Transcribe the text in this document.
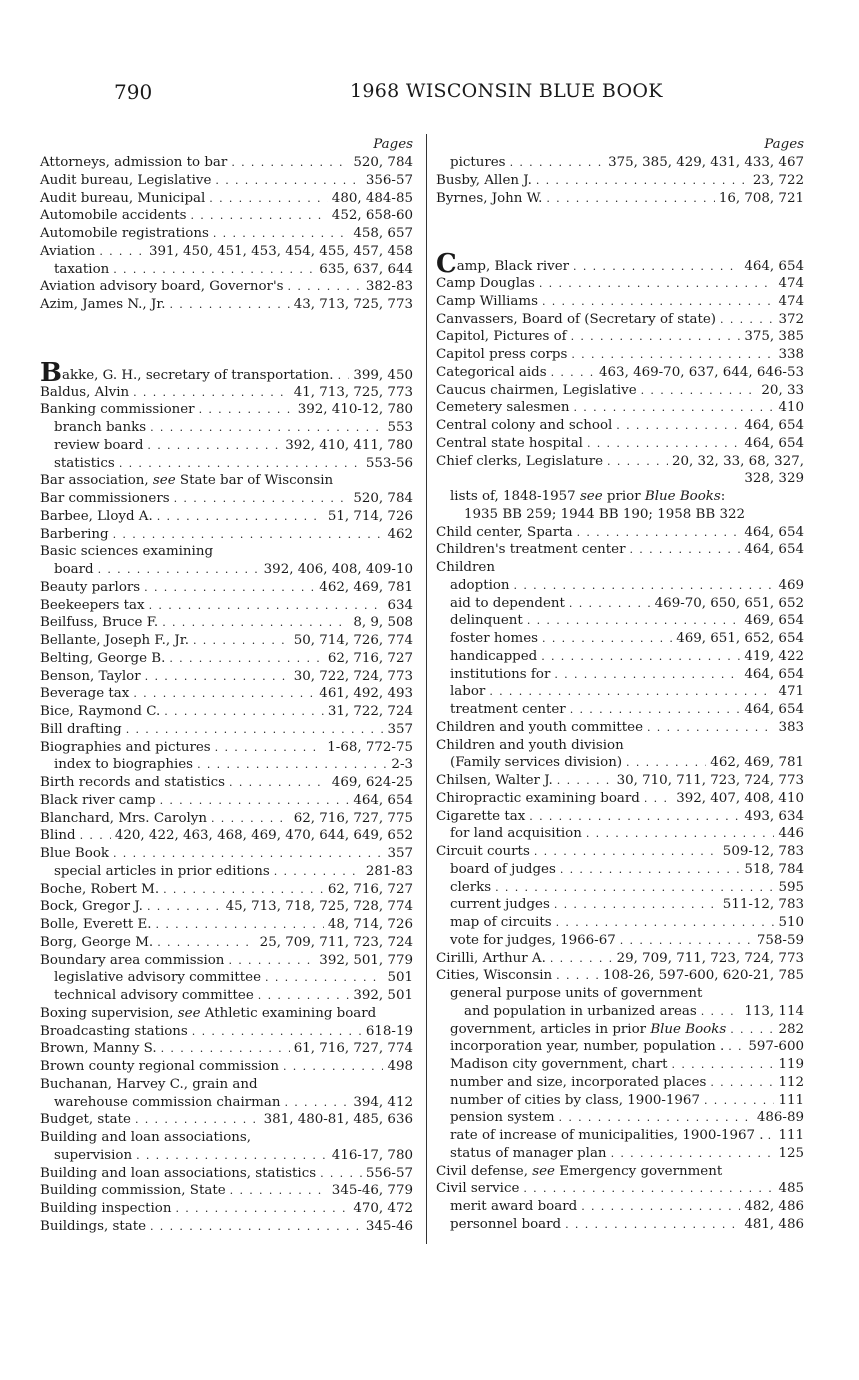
790	1968 WISCONSIN BLUE BOOK
Pages
Attorneys, admission to bar . . .	520, 784
Audit bureau, Legislative . . .	356-57
Audit bureau, Municipal . . .	480, 484-85
Automobile accidents . . .	452, 658-60
Automobile registrations . . .	458, 657
Aviation . . .	391, 450, 451, 453, 454, 455, 457, 458
taxation . . .	635, 637, 644
Aviation advisory board, Governor's . . .	382-83
Azim, James N., Jr. . . .	43, 713, 725, 773
Bakke, G. H., secretary of transportation. . . . 399, 450
Baldus, Alvin . . .	41, 713, 725, 773
Banking commissioner . . .	392, 410-12, 780
branch banks . . .	553
review board . . .	392, 410, 411, 780
statistics . . .	553-56
Bar association, see State bar of Wisconsin
Bar commissioners . . .	520, 784
Barbee, Lloyd A. . . .	51, 714, 726
Barbering . . .	462
Basic sciences examining
board . . .	392, 406, 408, 409-10
Beauty parlors . . .	462, 469, 781
Beekeepers tax . . .	634
Beilfuss, Bruce F. . . .	8, 9, 508
Bellante, Joseph F., Jr. . . .	50, 714, 726, 774
Belting, George B. . . .	62, 716, 727
Benson, Taylor . . .	30, 722, 724, 773
Beverage tax . . .	461, 492, 493
Bice, Raymond C. . . .	31, 722, 724
Bill drafting . . .	357
Biographies and pictures . . .	1-68, 772-75
index to biographies . . .	2-3
Birth records and statistics . . .	469, 624-25
Black river camp . . .	464, 654
Blanchard, Mrs. Carolyn . . .	62, 716, 727, 775
Blind . . .	420, 422, 463, 468, 469, 470, 644, 649, 652
Blue Book . . .	357
special articles in prior editions . . .	281-83
Boche, Robert M. . . .	62, 716, 727
Bock, Gregor J. . . .	45, 713, 718, 725, 728, 774
Bolle, Everett E. . . .	48, 714, 726
Borg, George M. . . .	25, 709, 711, 723, 724
Boundary area commission . . .	392, 501, 779
legislative advisory committee . . .	501
technical advisory committee . . .	392, 501
Boxing supervision, see Athletic examining board
Broadcasting stations . . .	618-19
Brown, Manny S. . . .	61, 716, 727, 774
Brown county regional commission . . .	498
Buchanan, Harvey C., grain and
warehouse commission chairman . . .	394, 412
Budget, state . . .	381, 480-81, 485, 636
Building and loan associations,
supervision . . .	416-17, 780
Building and loan associations, statistics . . .	556-57
Building commission, State . . .	345-46, 779
Building inspection . . .	470, 472
Buildings, state . . .	345-46
Pages
pictures . . .	375, 385, 429, 431, 433, 467
Busby, Allen J. . . .	23, 722
Byrnes, John W. . . .	16, 708, 721
Camp, Black river . . .	464, 654
Camp Douglas . . .	474
Camp Williams . . .	474
Canvassers, Board of (Secretary of state) . . .	372
Capitol, Pictures of . . .	375, 385
Capitol press corps . . .	338
Categorical aids . . .	463, 469-70, 637, 644, 646-53
Caucus chairmen, Legislative . . .	20, 33
Cemetery salesmen . . .	410
Central colony and school . . .	464, 654
Central state hospital . . .	464, 654
Chief clerks, Legislature . . .	20, 32, 33, 68, 327,
328, 329
lists of, 1848-1957 see prior Blue Books:
1935 BB 259; 1944 BB 190; 1958 BB 322
Child center, Sparta . . .	464, 654
Children's treatment center . . .	464, 654
Children
adoption . . .	469
aid to dependent . . .	469-70, 650, 651, 652
delinquent . . .	469, 654
foster homes . . .	469, 651, 652, 654
handicapped . . .	419, 422
institutions for . . .	464, 654
labor . . .	471
treatment center . . .	464, 654
Children and youth committee . . .	383
Children and youth division
(Family services division) . . .	462, 469, 781
Chilsen, Walter J. . . .	30, 710, 711, 723, 724, 773
Chiropractic examining board . . .	392, 407, 408, 410
Cigarette tax . . .	493, 634
for land acquisition . . .	446
Circuit courts . . .	509-12, 783
board of judges . . .	518, 784
clerks . . .	595
current judges . . .	511-12, 783
map of circuits . . .	510
vote for judges, 1966-67 . . .	758-59
Cirilli, Arthur A. . . .	29, 709, 711, 723, 724, 773
Cities, Wisconsin . . .	108-26, 597-600, 620-21, 785
general purpose units of government
and population in urbanized areas . . .	113, 114
government, articles in prior Blue Books . . .	282
incorporation year, number, population . . . . 597-600
Madison city government, chart . . .	119
number and size, incorporated places . . .	112
number of cities by class, 1900-1967 . . .	111
pension system . . .	486-89
rate of increase of municipalities, 1900-1967 . . . . 111
status of manager plan . . .	125
Civil defense, see Emergency government
Civil service . . .	485
merit award board . . .	482, 486
personnel board . . .	481, 486
